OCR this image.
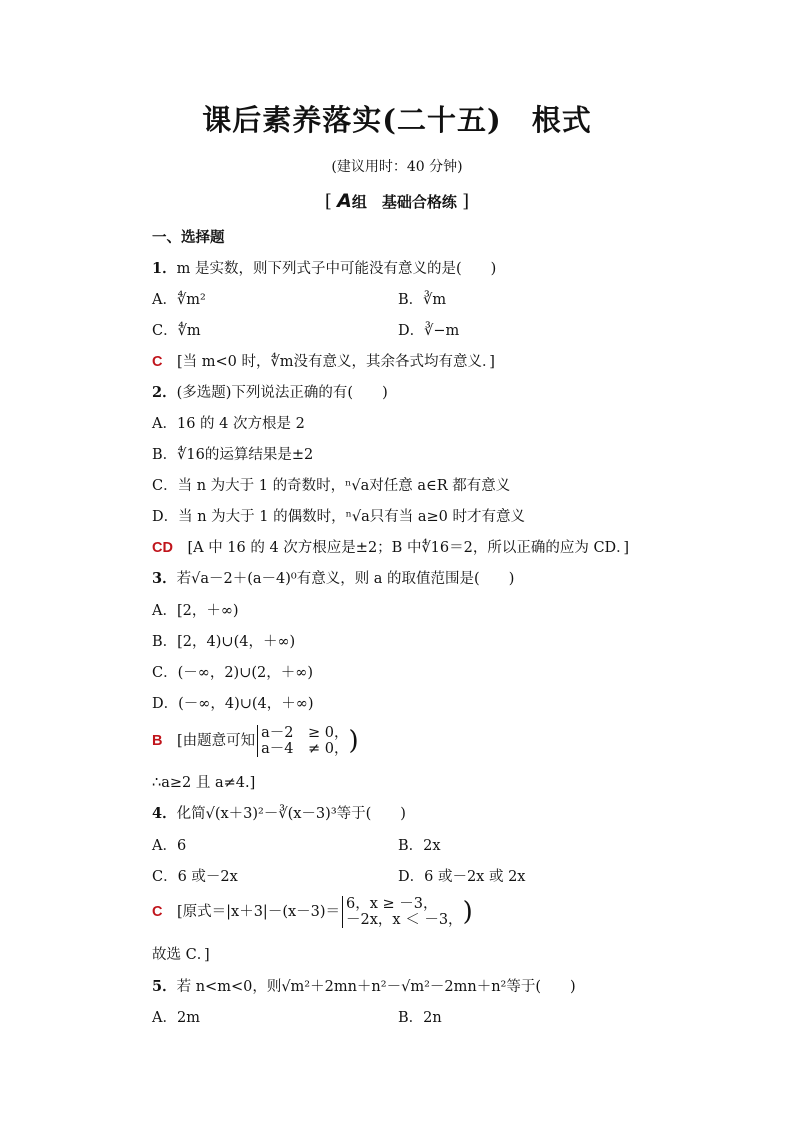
课后素养落实(二十五)　根式
(建议用时：40 分钟)
[ A组　基础合格练 ]
一、选择题
1．m 是实数，则下列式子中可能没有意义的是(　　)
A．∜m²	B．∛m
C．∜m	D．∛−m
C　 [当 m<0 时，∜m没有意义，其余各式均有意义．]
2．(多选题)下列说法正确的有(　　)
A．16 的 4 次方根是 2
B．∜16的运算结果是±2
C．当 n 为大于 1 的奇数时，ⁿ√a对任意 a∈R 都有意义
D．当 n 为大于 1 的偶数时，ⁿ√a只有当 a≥0 时才有意义
CD　 [A 中 16 的 4 次方根应是±2；B 中∜16＝2，所以正确的应为 CD．]
3．若√a－2＋(a－4)⁰有意义，则 a 的取值范围是(　　)
A．[2，＋∞)
B．[2，4)∪(4，＋∞)
C．(－∞，2)∪(2，＋∞)
D．(－∞，4)∪(4，＋∞)
B　 [由题意可知 a－2　≥ 0，
a－4　≠ 0， )
∴a≥2 且 a≠4.]
4．化简√(x＋3)²－∛(x－3)³等于(　　)
A．6	B．2x
C．6 或－2x	D．6 或－2x 或 2x
C　 [原式＝|x＋3|－(x－3)＝ 6，x ≥ －3，
－2x，x ＜ －3， )
故选 C．]
5．若 n<m<0，则√m²＋2mn＋n²－√m²－2mn＋n²等于(　　)
A．2m	B．2n
